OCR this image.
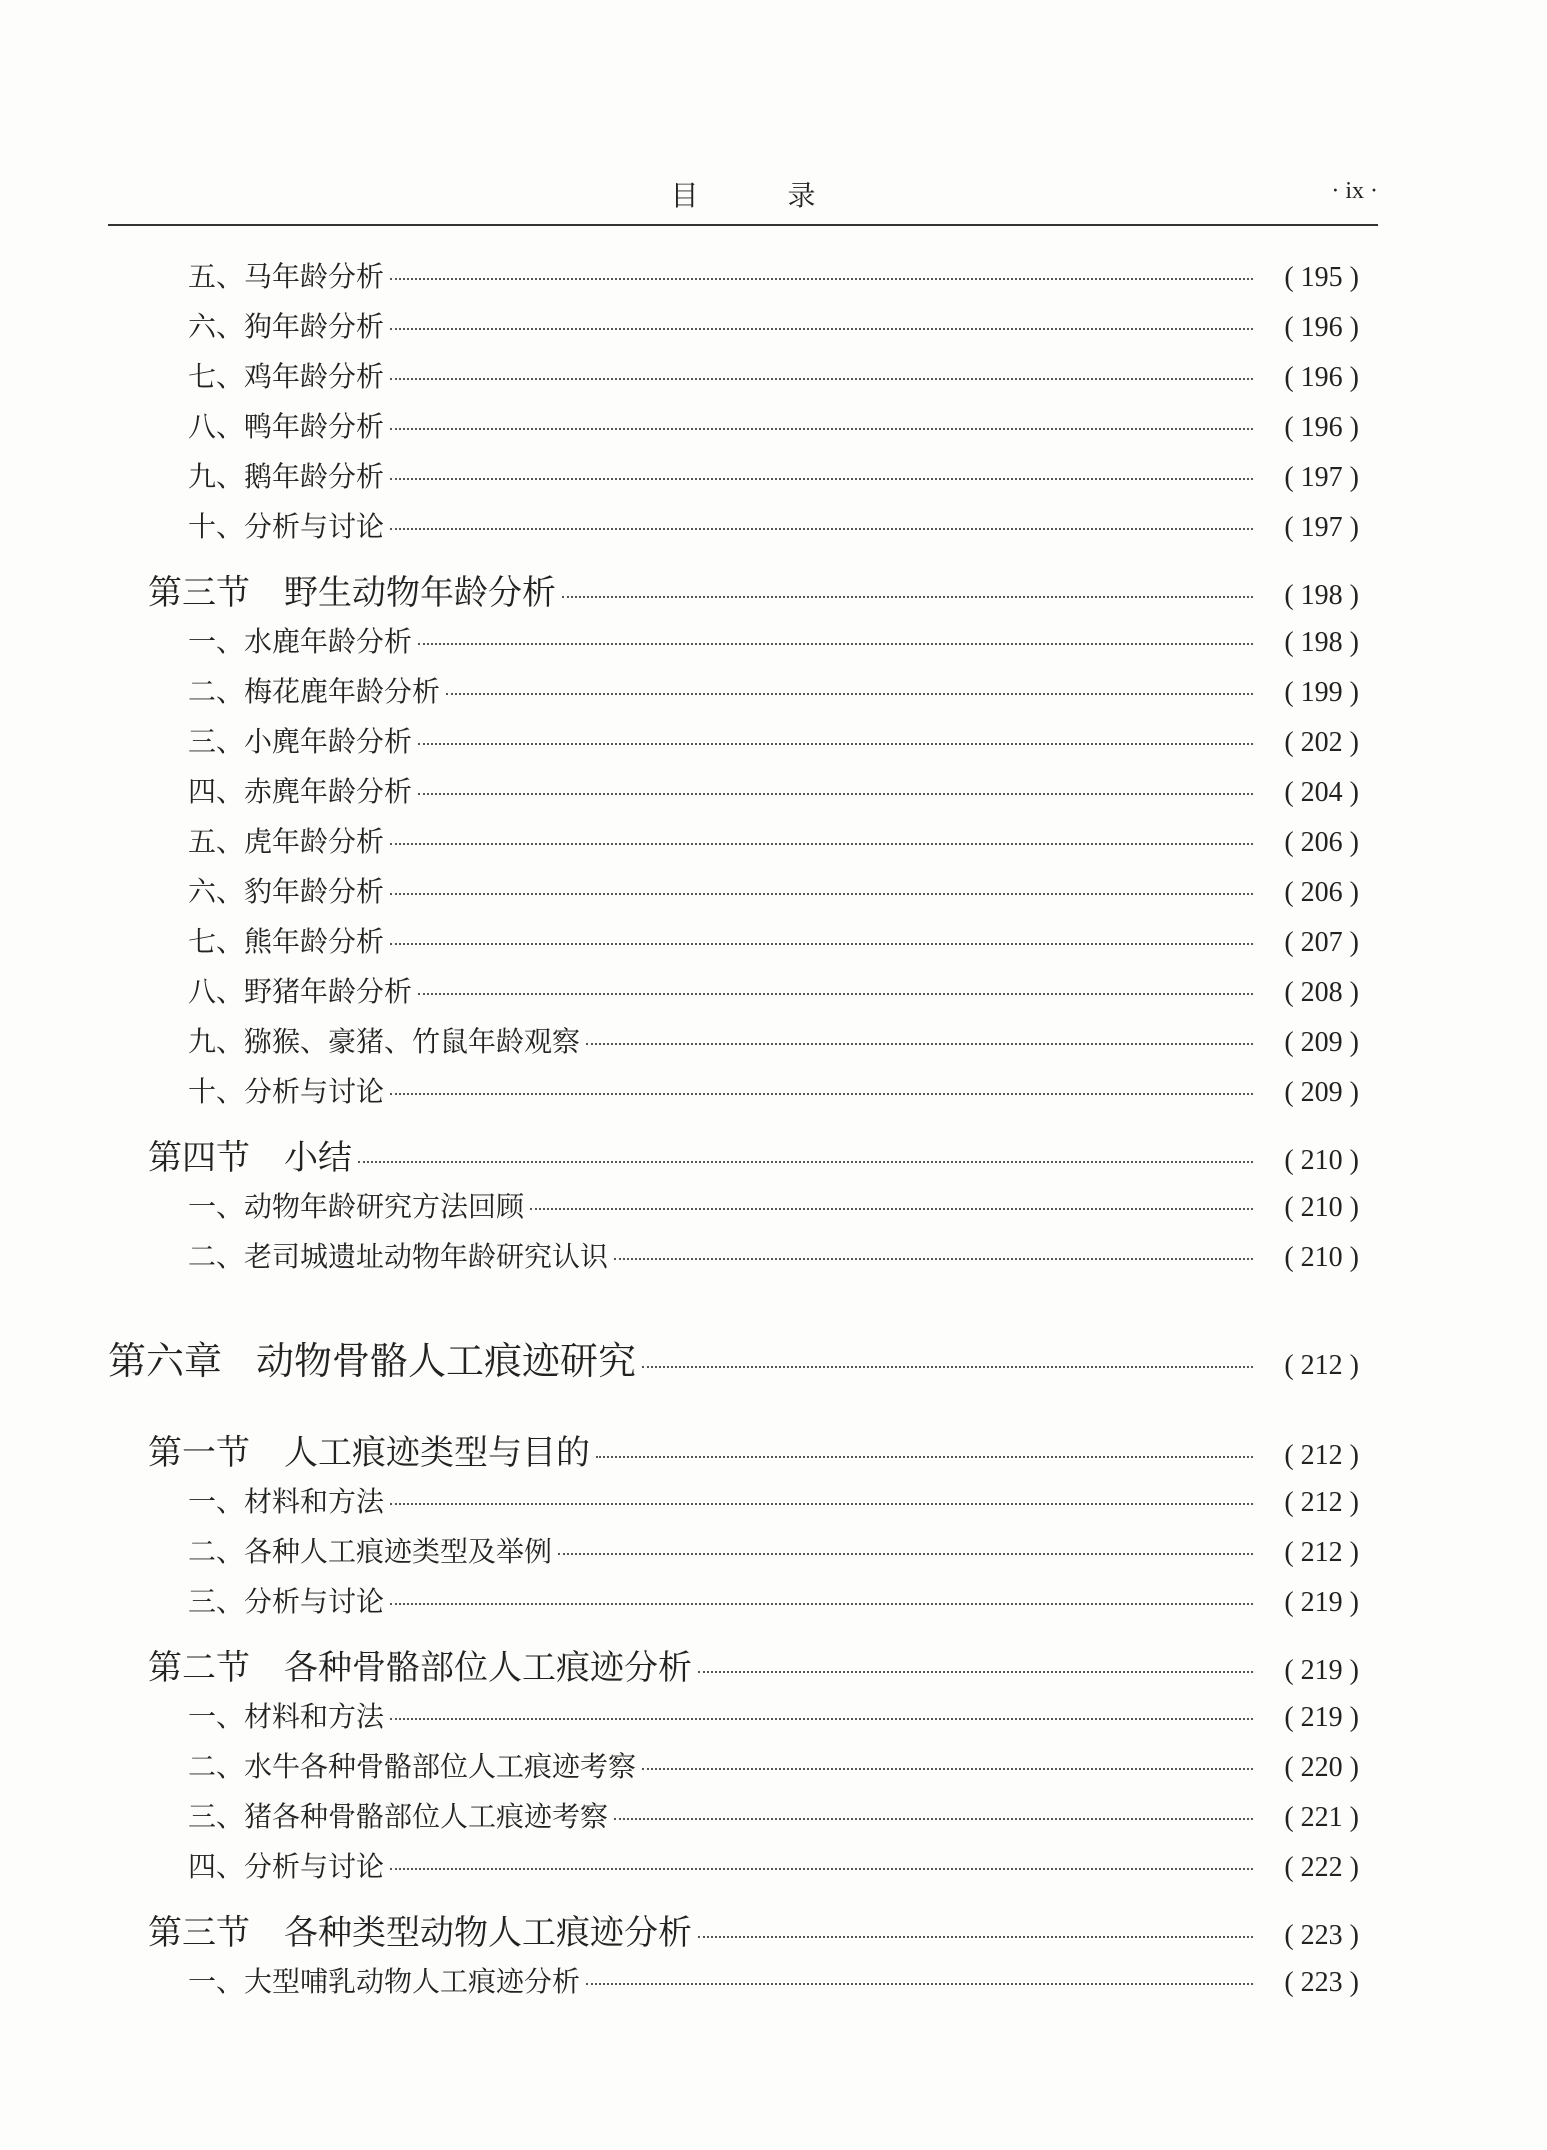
目 录	· ix ·
五、马年龄分析	( 195 )
六、狗年龄分析	( 196 )
七、鸡年龄分析	( 196 )
八、鸭年龄分析	( 196 )
九、鹅年龄分析	( 197 )
十、分析与讨论	( 197 )
第三节 野生动物年龄分析	( 198 )
一、水鹿年龄分析	( 198 )
二、梅花鹿年龄分析	( 199 )
三、小麂年龄分析	( 202 )
四、赤麂年龄分析	( 204 )
五、虎年龄分析	( 206 )
六、豹年龄分析	( 206 )
七、熊年龄分析	( 207 )
八、野猪年龄分析	( 208 )
九、猕猴、豪猪、竹鼠年龄观察	( 209 )
十、分析与讨论	( 209 )
第四节 小结	( 210 )
一、动物年龄研究方法回顾	( 210 )
二、老司城遗址动物年龄研究认识	( 210 )
第六章 动物骨骼人工痕迹研究	( 212 )
第一节 人工痕迹类型与目的	( 212 )
一、材料和方法	( 212 )
二、各种人工痕迹类型及举例	( 212 )
三、分析与讨论	( 219 )
第二节 各种骨骼部位人工痕迹分析	( 219 )
一、材料和方法	( 219 )
二、水牛各种骨骼部位人工痕迹考察	( 220 )
三、猪各种骨骼部位人工痕迹考察	( 221 )
四、分析与讨论	( 222 )
第三节 各种类型动物人工痕迹分析	( 223 )
一、大型哺乳动物人工痕迹分析	( 223 )
